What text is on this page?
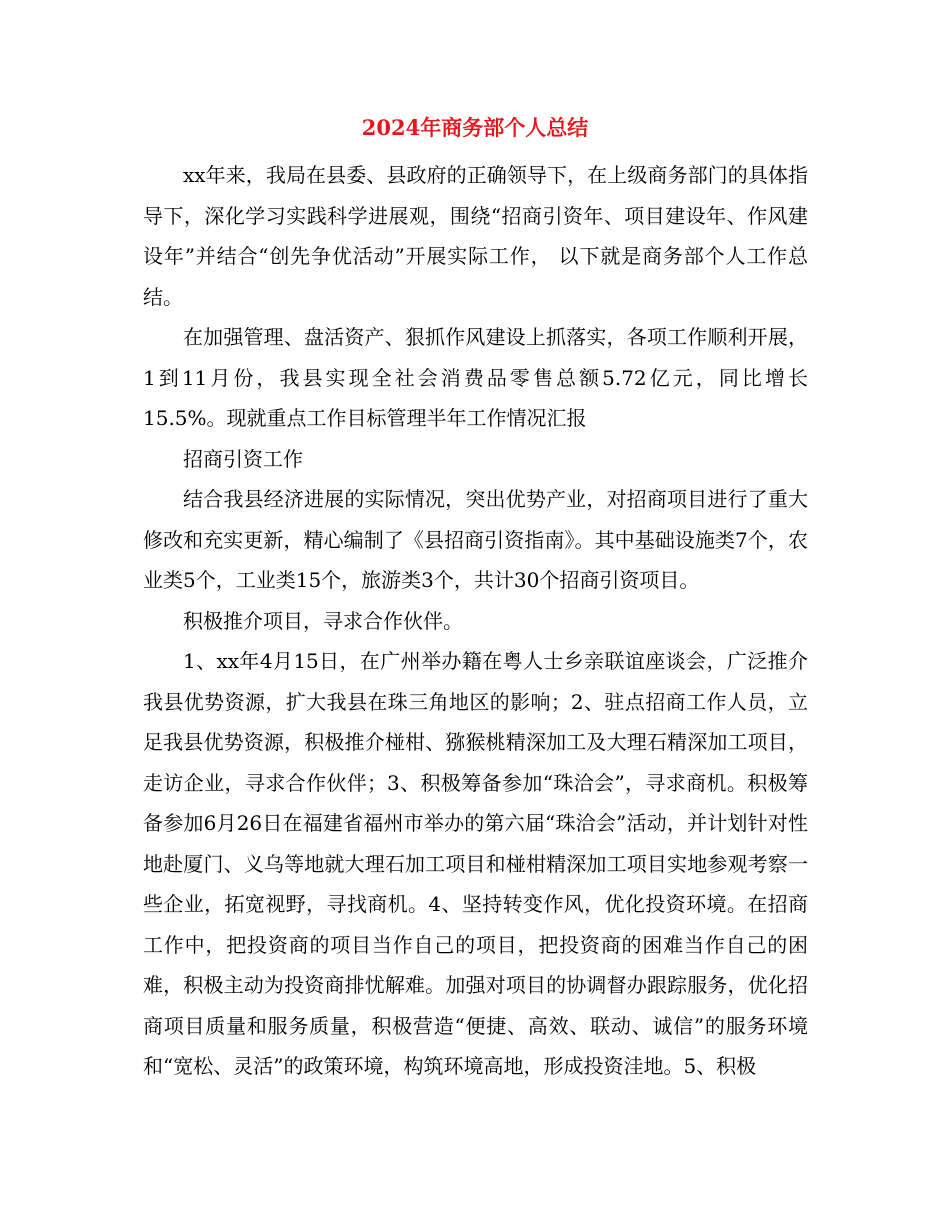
2024年商务部个人总结

xx年来，我局在县委、县政府的正确领导下，在上级商务部门的具体指导下，深化学习实践科学进展观，围绕“招商引资年、项目建设年、作风建设年”并结合“创先争优活动”开展实际工作， 以下就是商务部个人工作总结。

在加强管理、盘活资产、狠抓作风建设上抓落实，各项工作顺利开展，1到11月份，我县实现全社会消费品零售总额5.72亿元，同比增长15.5%。现就重点工作目标管理半年工作情况汇报

招商引资工作

结合我县经济进展的实际情况，突出优势产业，对招商项目进行了重大修改和充实更新，精心编制了《县招商引资指南》。其中基础设施类7个，农业类5个，工业类15个，旅游类3个，共计30个招商引资项目。

积极推介项目，寻求合作伙伴。

1、xx年4月15日，在广州举办籍在粤人士乡亲联谊座谈会，广泛推介我县优势资源，扩大我县在珠三角地区的影响；2、驻点招商工作人员，立足我县优势资源，积极推介椪柑、猕猴桃精深加工及大理石精深加工项目，走访企业，寻求合作伙伴；3、积极筹备参加“珠洽会”，寻求商机。积极筹备参加6月26日在福建省福州市举办的第六届“珠洽会”活动，并计划针对性地赴厦门、义乌等地就大理石加工项目和椪柑精深加工项目实地参观考察一些企业，拓宽视野，寻找商机。4、坚持转变作风，优化投资环境。在招商工作中，把投资商的项目当作自己的项目，把投资商的困难当作自己的困难，积极主动为投资商排忧解难。加强对项目的协调督办跟踪服务，优化招商项目质量和服务质量，积极营造“便捷、高效、联动、诚信”的服务环境和“宽松、灵活”的政策环境，构筑环境高地，形成投资洼地。5、积极
